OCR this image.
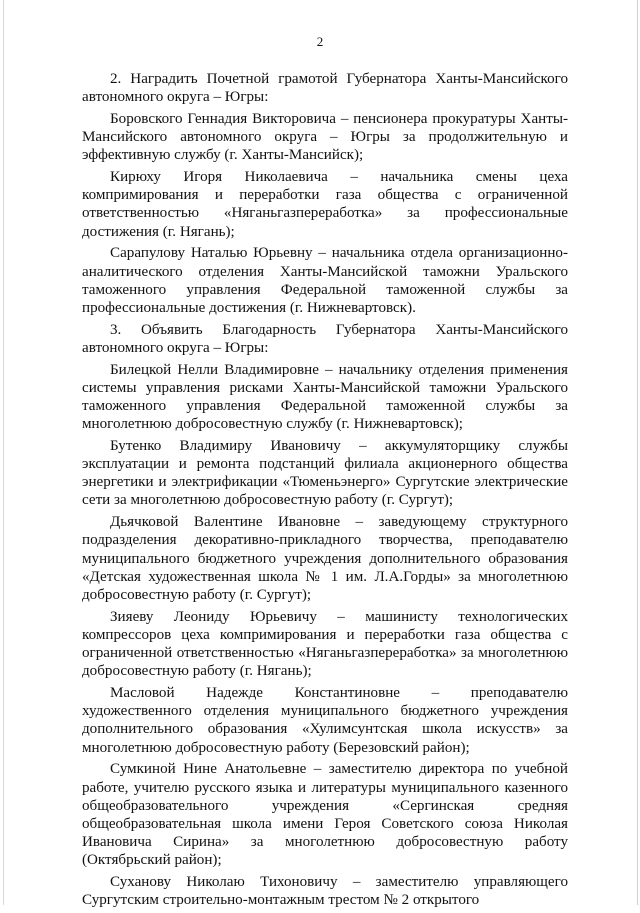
2

2. Наградить Почетной грамотой Губернатора Ханты-Мансийского автономного округа – Югры:

Боровского Геннадия Викторовича – пенсионера прокуратуры Ханты-Мансийского автономного округа – Югры за продолжительную и эффективную службу (г. Ханты-Мансийск);

Кирюху Игоря Николаевича – начальника смены цеха компримирования и переработки газа общества с ограниченной ответственностью «Няганьгазпереработка» за профессиональные достижения (г. Нягань);

Сарапулову Наталью Юрьевну – начальника отдела организационно-аналитического отделения Ханты-Мансийской таможни Уральского таможенного управления Федеральной таможенной службы за профессиональные достижения (г. Нижневартовск).

3. Объявить Благодарность Губернатора Ханты-Мансийского автономного округа – Югры:

Билецкой Нелли Владимировне – начальнику отделения применения системы управления рисками Ханты-Мансийской таможни Уральского таможенного управления Федеральной таможенной службы за многолетнюю добросовестную службу (г. Нижневартовск);

Бутенко Владимиру Ивановичу – аккумуляторщику службы эксплуатации и ремонта подстанций филиала акционерного общества энергетики и электрификации «Тюменьэнерго» Сургутские электрические сети за многолетнюю добросовестную работу (г. Сургут);

Дьячковой Валентине Ивановне – заведующему структурного подразделения декоративно-прикладного творчества, преподавателю муниципального бюджетного учреждения дополнительного образования «Детская художественная школа № 1 им. Л.А.Горды» за многолетнюю добросовестную работу (г. Сургут);

Зияеву Леониду Юрьевичу – машинисту технологических компрессоров цеха компримирования и переработки газа общества с ограниченной ответственностью «Няганьгазпереработка» за многолетнюю добросовестную работу (г. Нягань);

Масловой Надежде Константиновне – преподавателю художественного отделения муниципального бюджетного учреждения дополнительного образования «Хулимсунтская школа искусств» за многолетнюю добросовестную работу (Березовский район);

Сумкиной Нине Анатольевне – заместителю директора по учебной работе, учителю русского языка и литературы муниципального казенного общеобразовательного учреждения «Сергинская средняя общеобразовательная школа имени Героя Советского союза Николая Ивановича Сирина» за многолетнюю добросовестную работу (Октябрьский район);

Суханову Николаю Тихоновичу – заместителю управляющего Сургутским строительно-монтажным трестом № 2 открытого
